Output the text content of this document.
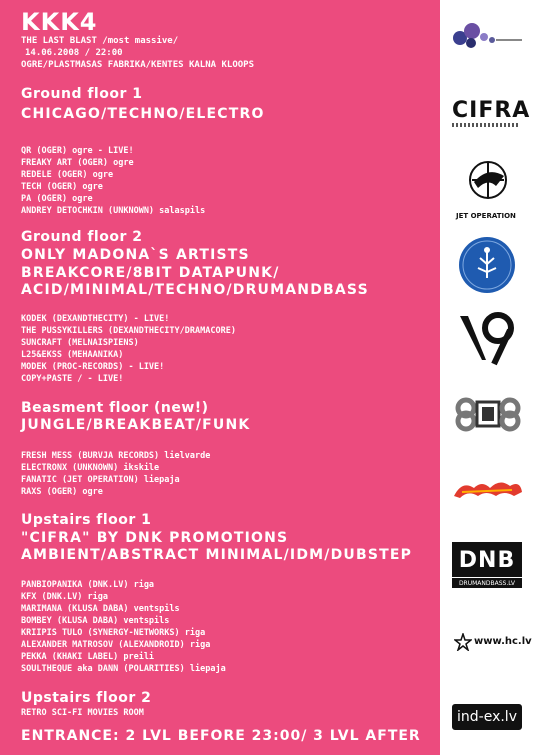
KKK4
THE LAST BLAST /most massive/
14.06.2008 / 22:00
OGRE/PLASTMASAS FABRIKA/KENTES KALNA KLOOPS
Ground floor 1
CHICAGO/TECHNO/ELECTRO
QR (OGER) ogre - LIVE!
FREAKY ART (OGER) ogre
REDELE (OGER) ogre
TECH (OGER) ogre
PA (OGER) ogre
ANDREY DETOCHKIN (UNKNOWN) salaspils
Ground floor 2
ONLY MADONA`S ARTISTS
BREAKCORE/8BIT DATAPUNK/
ACID/MINIMAL/TECHNO/DRUMANDBASS
KODEK (DEXANDTHECITY) - LIVE!
THE PUSSYKILLERS (DEXANDTHECITY/DRAMACORE)
SUNCRAFT (MELNAISPIENS)
L25&EKSS (MEHAANIKA)
MODEK (PROC-RECORDS) - LIVE!
COPY+PASTE / - LIVE!
Beasment floor (new!)
JUNGLE/BREAKBEAT/FUNK
FRESH MESS (BURVJA RECORDS) lielvarde
ELECTRONX (UNKNOWN) ikskile
FANATIC (JET OPERATION) liepaja
RAXS (OGER) ogre
Upstairs floor 1
"CIFRA" BY DNK PROMOTIONS
AMBIENT/ABSTRACT MINIMAL/IDM/DUBSTEP
PANBIOPANIKA (DNK.LV) riga
KFX (DNK.LV) riga
MARIMANA (KLUSA DABA) ventspils
BOMBEY (KLUSA DABA) ventspils
KRIIPIS TULO (SYNERGY-NETWORKS) riga
ALEXANDER MATROSOV (ALEXANDROID) riga
PEKKA (KHAKI LABEL) preili
SOULTHEQUE aka DANN (POLARITIES) liepaja
Upstairs floor 2
RETRO SCI-FI MOVIES ROOM
ENTRANCE: 2 LVL BEFORE 23:00/ 3 LVL AFTER
CIFRA
JET OPERATION
DNB
DRUMANDBASS.LV
www.hc.lv
ind-ex.lv
